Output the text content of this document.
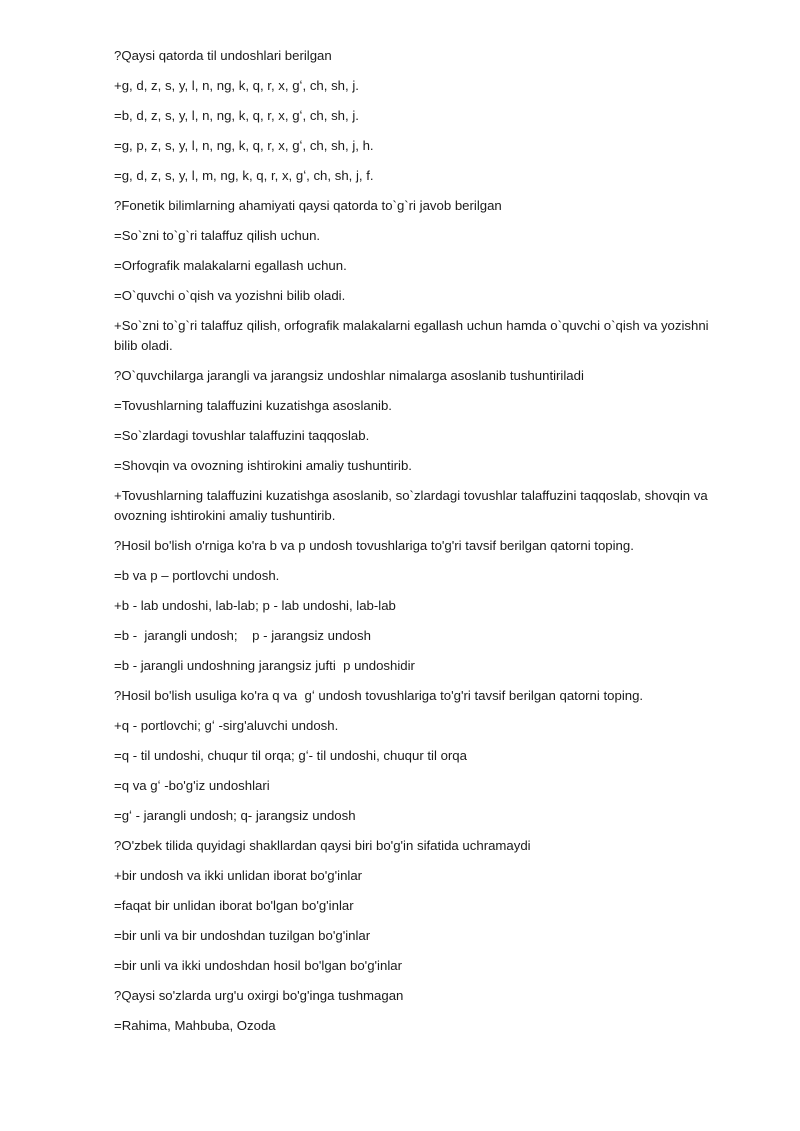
?Qaysi qatorda til undoshlari berilgan

+g, d, z, s, y, l, n, ng, k, q, r, x, gʻ, ch, sh, j.

=b, d, z, s, y, l, n, ng, k, q, r, x, gʻ, ch, sh, j.

=g, p, z, s, y, l, n, ng, k, q, r, x, gʻ, ch, sh, j, h.

=g, d, z, s, y, l, m, ng, k, q, r, x, gʻ, ch, sh, j, f.

?Fonetik bilimlarning ahamiyati qaysi qatorda to`g`ri javob berilgan

=So`zni to`g`ri talaffuz qilish uchun.

=Orfografik malakalarni egallash uchun.

=O`quvchi o`qish va yozishni bilib oladi.

+So`zni to`g`ri talaffuz qilish, orfografik malakalarni egallash uchun hamda o`quvchi o`qish va yozishni bilib oladi.

?O`quvchilarga jarangli va jarangsiz undoshlar nimalarga asoslanib tushuntiriladi

=Tovushlarning talaffuzini kuzatishga asoslanib.

=So`zlardagi tovushlar talaffuzini taqqoslab.

=Shovqin va ovozning ishtirokini amaliy tushuntirib.

+Tovushlarning talaffuzini kuzatishga asoslanib, so`zlardagi tovushlar talaffuzini taqqoslab, shovqin va ovozning ishtirokini amaliy tushuntirib.

?Hosil bo'lish o'rniga ko'ra b va p undosh tovushlariga to'g'ri tavsif berilgan qatorni toping.

=b va p – portlovchi undosh.

+b - lab undoshi, lab-lab; p - lab undoshi, lab-lab

=b -  jarangli undosh;    p - jarangsiz undosh

=b - jarangli undoshning jarangsiz jufti  p undoshidir

?Hosil bo'lish usuliga ko'ra q va  gʻ undosh tovushlariga to'g'ri tavsif berilgan qatorni toping.

+q - portlovchi; gʻ -sirg'aluvchi undosh.

=q - til undoshi, chuqur til orqa; gʻ- til undoshi, chuqur til orqa

=q va gʻ -bo'g'iz undoshlari

=gʻ - jarangli undosh; q- jarangsiz undosh

?O'zbek tilida quyidagi shakllardan qaysi biri bo'g'in sifatida uchramaydi

+bir undosh va ikki unlidan iborat bo'g'inlar

=faqat bir unlidan iborat bo'lgan bo'g'inlar

=bir unli va bir undoshdan tuzilgan bo'g'inlar

=bir unli va ikki undoshdan hosil bo'lgan bo'g'inlar

?Qaysi so'zlarda urg'u oxirgi bo'g'inga tushmagan

=Rahima, Mahbuba, Ozoda
